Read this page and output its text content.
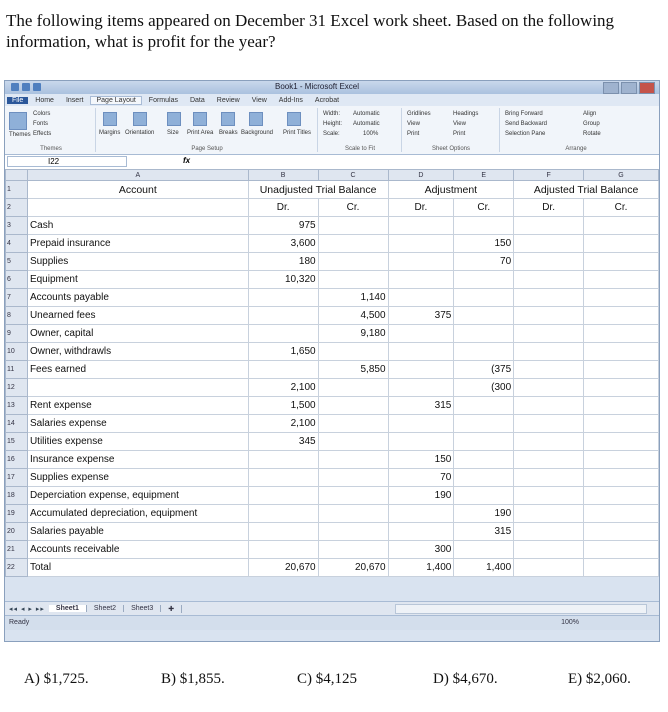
The following items appeared on December 31 Excel work sheet. Based on the following information, what is profit for the year?
Book1 - Microsoft Excel
File	Home	Insert	Page Layout	Formulas	Data	Review	View	Add-Ins	Acrobat
Themes
Colors
Fonts
Effects
Themes
Margins Orientation Size Print Area Breaks Background Print Titles
Page Setup
Width: Automatic
Height: Automatic
Scale:	100%
Scale to Fit
Gridlines	Headings
View	View
Print	Print
Sheet Options
Bring Forward
Send Backward
Selection Pane
Align
Group
Rotate
Arrange
I22	fx
	A	B	C	D	E	F	G
1	Account	Unadjusted Trial Balance		Adjustment		Adjusted Trial Balance	
2		Dr.	Cr.	Dr.	Cr.	Dr.	Cr.
3	Cash	975					
4	Prepaid insurance	3,600			150		
5	Supplies	180			70		
6	Equipment	10,320					
7	Accounts payable		1,140				
8	Unearned fees		4,500	375			
9	Owner, capital		9,180				
10	Owner, withdrawls	1,650					
11	Fees earned		5,850		(375		
12		2,100			(300		
13	Rent expense	1,500		315			
14	Salaries expense	2,100					
15	Utilities expense	345					
16	Insurance expense			150			
17	Supplies expense			70			
18	Deperciation expense, equipment			190			
19	Accumulated depreciation, equipment				190		
20	Salaries payable				315		
21	Accounts receivable			300			
22	Total	20,670	20,670	1,400	1,400		
◂◂ ◂ ▸ ▸▸	Sheet1	Sheet2	Sheet3	✚
Ready	100%
A) $1,725.	B) $1,855.	C) $4,125	D) $4,670.	E) $2,060.
